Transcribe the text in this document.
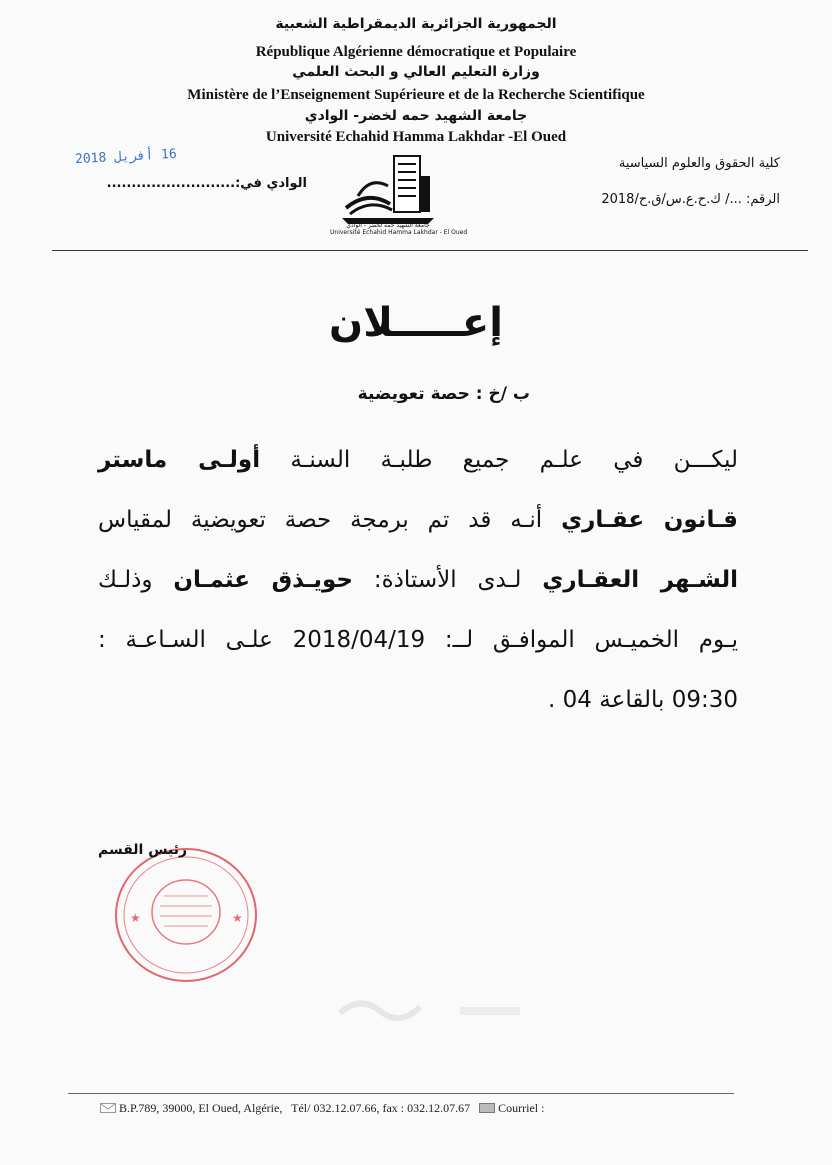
الجمهورية الجزائرية الديمقراطية الشعبية
République Algérienne démocratique et Populaire
وزارة التعليم العالي و البحث العلمي
Ministère de l’Enseignement Supérieure et de la Recherche Scientifique
جامعة الشهيد حمه لخضر- الوادي
Université Echahid Hamma Lakhdar -El Oued
16 أفريل 2018
الوادي في:..........................
كلية الحقوق والعلوم السياسية
الرقم: .../ ك.ح.ع.س/ق.ح/2018
جامعة الشهيد حمه لخضر - الوادي
Université Echahid Hamma Lakhdar - El Oued
إعـــــلان
ب /خ : حصة تعويضية
ليكـــن في علـم جميع طلبـة السنـة أولـى ماستر
قـانون عقـاري أنـه قد تم برمجة حصة تعويضية لمقياس
الشـهر العقـاري لـدى الأستاذة: حويـذق عثمـان وذلـك
يـوم الخميـس الموافـق لــ: 2018/04/19 علـى السـاعـة :
09:30 بالقاعة 04 .
★	★
رئيس القسم
B.P.789, 39000, El Oued, Algérie, Tél/ 032.12.07.66, fax : 032.12.07.67 Courriel :
